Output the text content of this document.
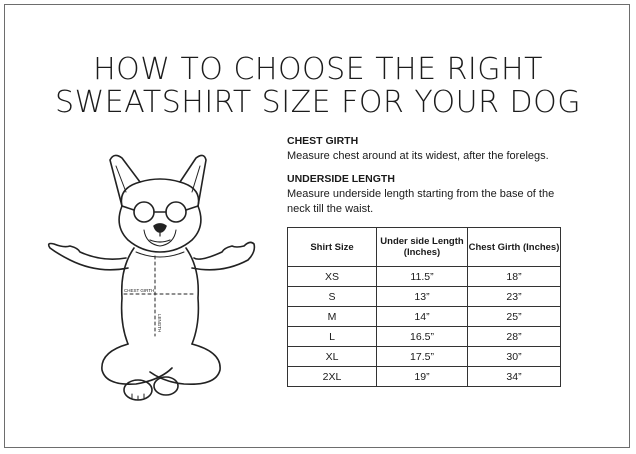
HOW TO CHOOSE THE RIGHT
SWEATSHIRT SIZE FOR YOUR DOG
CHEST GIRTH
LENGTH
CHEST GIRTH
Measure chest around at its widest, after the forelegs.
UNDERSIDE LENGTH
Measure underside length starting from the base of the neck till the waist.
Shirt Size	Under side Length (Inches)	Chest Girth (Inches)
XS	11.5”	18”
S	13”	23”
M	14”	25”
L	16.5”	28”
XL	17.5”	30”
2XL	19”	34”
